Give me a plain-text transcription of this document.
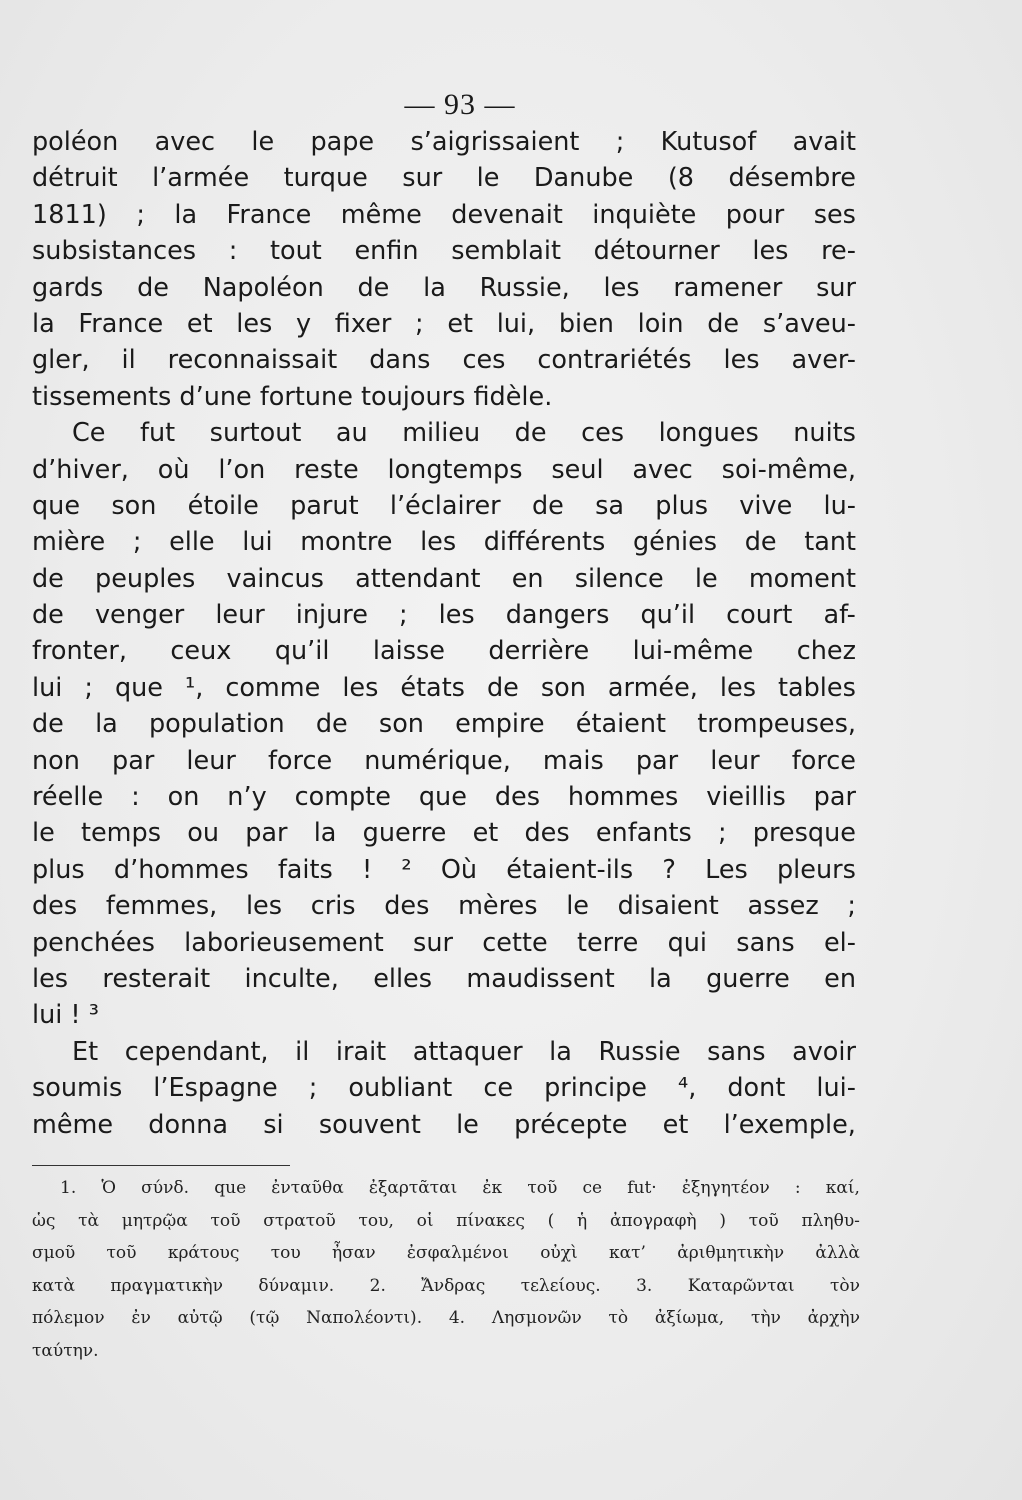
— 93 —
poléon avec le pape s’aigrissaient ; Kutusof avait
détruit l’armée turque sur le Danube (8 désembre
1811) ; la France même devenait inquiète pour ses
subsistances : tout enfin semblait détourner les re-
gards de Napoléon de la Russie, les ramener sur
la France et les y fixer ; et lui, bien loin de s’aveu-
gler, il reconnaissait dans ces contrariétés les aver-
tissements d’une fortune toujours fidèle.
Ce fut surtout au milieu de ces longues nuits
d’hiver, où l’on reste longtemps seul avec soi-même,
que son étoile parut l’éclairer de sa plus vive lu-
mière ; elle lui montre les différents génies de tant
de peuples vaincus attendant en silence le moment
de venger leur injure ; les dangers qu’il court af-
fronter, ceux qu’il laisse derrière lui-même chez
lui ; que ¹, comme les états de son armée, les tables
de la population de son empire étaient trompeuses,
non par leur force numérique, mais par leur force
réelle : on n’y compte que des hommes vieillis par
le temps ou par la guerre et des enfants ; presque
plus d’hommes faits ! ² Où étaient-ils ? Les pleurs
des femmes, les cris des mères le disaient assez ;
penchées laborieusement sur cette terre qui sans el-
les resterait inculte, elles maudissent la guerre en
lui ! ³
Et cependant, il irait attaquer la Russie sans avoir
soumis l’Espagne ; oubliant ce principe ⁴, dont lui-
même donna si souvent le précepte et l’exemple,
1. Ὁ σύνδ. que ἐνταῦθα ἐξαρτᾶται ἐκ τοῦ ce fut· ἐξηγητέον : καί,
ὡς τὰ μητρῷα τοῦ στρατοῦ του, οἱ πίνακες ( ἡ ἀπογραφὴ ) τοῦ πληθυ-
σμοῦ τοῦ κράτους του ἦσαν ἐσφαλμένοι οὐχὶ κατ’ ἀριθμητικὴν ἀλλὰ
κατὰ πραγματικὴν δύναμιν. 2. Ἄνδρας τελείους. 3. Καταρῶνται τὸν
πόλεμον ἐν αὐτῷ (τῷ Ναπολέοντι). 4. Λησμονῶν τὸ ἀξίωμα, τὴν ἀρχὴν
ταύτην.
